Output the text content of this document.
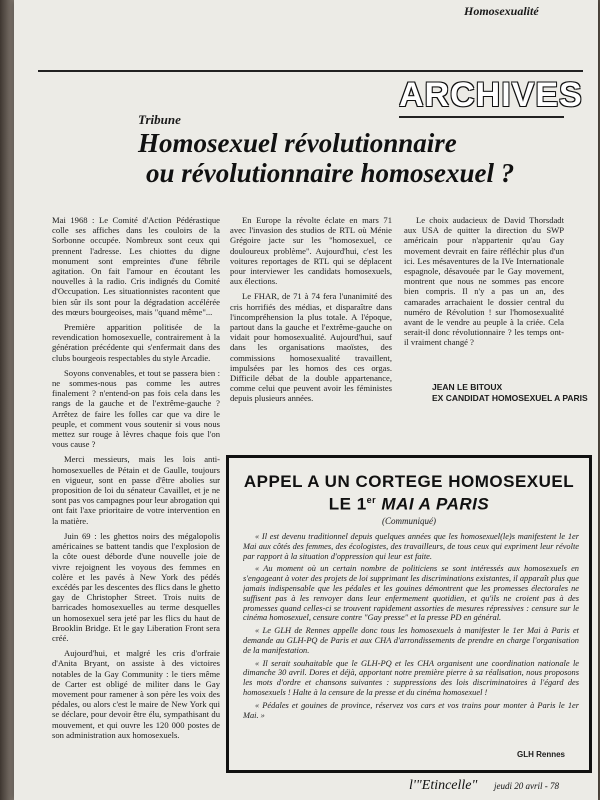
Homosexualité
ARCHIVES
Tribune
Homosexuel révolutionnaire
ou révolutionnaire homosexuel ?

Mai 1968 : Le Comité d'Action Pédérastique colle ses affiches dans les couloirs de la Sorbonne occupée. Nombreux sont ceux qui prennent l'adresse. Les chiottes du digne monument sont empreintes d'une fébrile agitation. On fait l'amour en écoutant les nouvelles à la radio. Cris indignés du Comité d'Occupation. Les situationnistes racontent que bien sûr ils sont pour la dégradation accélérée des mœurs bourgeoises, mais "quand même"...

Première apparition politisée de la revendication homosexuelle, contrairement à la génération précédente qui s'enfermait dans des clubs bourgeois respectables du style Arcadie.

Soyons convenables, et tout se passera bien : ne sommes-nous pas comme les autres finalement ? n'entend-on pas fois cela dans les rangs de la gauche et de l'extrême-gauche ? Arrêtez de faire les folles car que va dire le peuple, et comment vous soutenir si vous nous mettez sur rouge à lèvres chaque fois que l'on vous cause ?

Merci messieurs, mais les lois anti-homosexuelles de Pétain et de Gaulle, toujours en vigueur, sont en passe d'être abolies sur proposition de loi du sénateur Cavaillet, et je ne sont pas vos campagnes pour leur abrogation qui ont fait l'axe prioritaire de votre intervention en la matière.

Juin 69 : les ghettos noirs des mégalopolis américaines se battent tandis que l'explosion de la côte ouest déborde d'une nouvelle joie de vivre rejoignent les voyous des femmes en colère et les pavés à New York des pédés excédés par les descentes des flics dans le ghetto gay de Christopher Street. Trois nuits de barricades homosexuelles au terme desquelles un homosexuel sera jeté par les flics du haut de Brooklin Bridge. Et le gay Liberation Front sera créé.

Aujourd'hui, et malgré les cris d'orfraie d'Anita Bryant, on assiste à des victoires notables de la Gay Community : le tiers même de Carter est obligé de militer dans le Gay movement pour ramener à son père les voix des pédales, ou alors c'est le maire de New York qui se déclare, pour devoir être élu, sympathisant du mouvement, et qui ouvre les 120 000 postes de son administration aux homosexuels.

En Europe la révolte éclate en mars 71 avec l'invasion des studios de RTL où Ménie Grégoire jacte sur les "homosexuel, ce douloureux problème". Aujourd'hui, c'est les voitures reportages de RTL qui se déplacent pour interviewer les candidats homosexuels, aux élections.

Le FHAR, de 71 à 74 fera l'unanimité des cris horrifiés des médias, et disparaître dans l'incompréhension la plus totale. A l'époque, partout dans la gauche et l'extrême-gauche on vidait pour homosexualité. Aujourd'hui, sauf dans les organisations maoïstes, des commissions homosexualité travaillent, impulsées par les homos des ces orgas. Difficile débat de la double appartenance, comme celui que peuvent avoir les féministes depuis plusieurs années.

Le choix audacieux de David Thorsdadt aux USA de quitter la direction du SWP américain pour n'appartenir qu'au Gay movement devrait en faire réfléchir plus d'un ici. Les mésaventures de la IVe Internationale espagnole, désavouée par le Gay movement, montrent que nous ne sommes pas encore bien compris. Il n'y a pas un an, des camarades arrachaient le dossier central du numéro de Révolution ! sur l'homosexualité avant de le vendre au peuple à la criée. Cela serait-il donc révolutionnaire ? les temps ont-il vraiment changé ?

JEAN LE BITOUX
EX CANDIDAT HOMOSEXUEL A PARIS
APPEL A UN CORTEGE HOMOSEXUEL
LE 1er MAI A PARIS
(Communiqué)

« Il est devenu traditionnel depuis quelques années que les homosexuel(le)s manifestent le 1er Mai aux côtés des femmes, des écologistes, des travailleurs, de tous ceux qui expriment leur révolte par rapport à la situation d'oppression qui leur est faite.

« Au moment où un certain nombre de politiciens se sont intéressés aux homosexuels en s'engageant à voter des projets de loi supprimant les discriminations existantes, il apparaît plus que jamais indispensable que les pédales et les gouines démontrent que les promesses électorales ne suffisent pas à les renvoyer dans leur enfermement quotidien, et qu'ils ne croient pas à des promesses quand celles-ci se trouvent rapidement assorties de mesures répressives : censure sur le cinéma homosexuel, censure contre "Gay presse" et la presse PD en général.

« Le GLH de Rennes appelle donc tous les homosexuels à manifester le 1er Mai à Paris et demande au GLH-PQ de Paris et aux CHA d'arrondissements de prendre en charge l'organisation de la manifestation.

« Il serait souhaitable que le GLH-PQ et les CHA organisent une coordination nationale le dimanche 30 avril. Dores et déjà, apportant notre première pierre à sa réalisation, nous proposons les mots d'ordre et chansons suivantes : suppressions des lois discriminatoires à l'égard des homosexuels ! Halte à la censure de la presse et du cinéma homosexuel !

« Pédales et gouines de province, réservez vos cars et vos trains pour monter à Paris le 1er Mai. »

GLH Rennes
l'"Etincelle" jeudi 20 avril - 78
